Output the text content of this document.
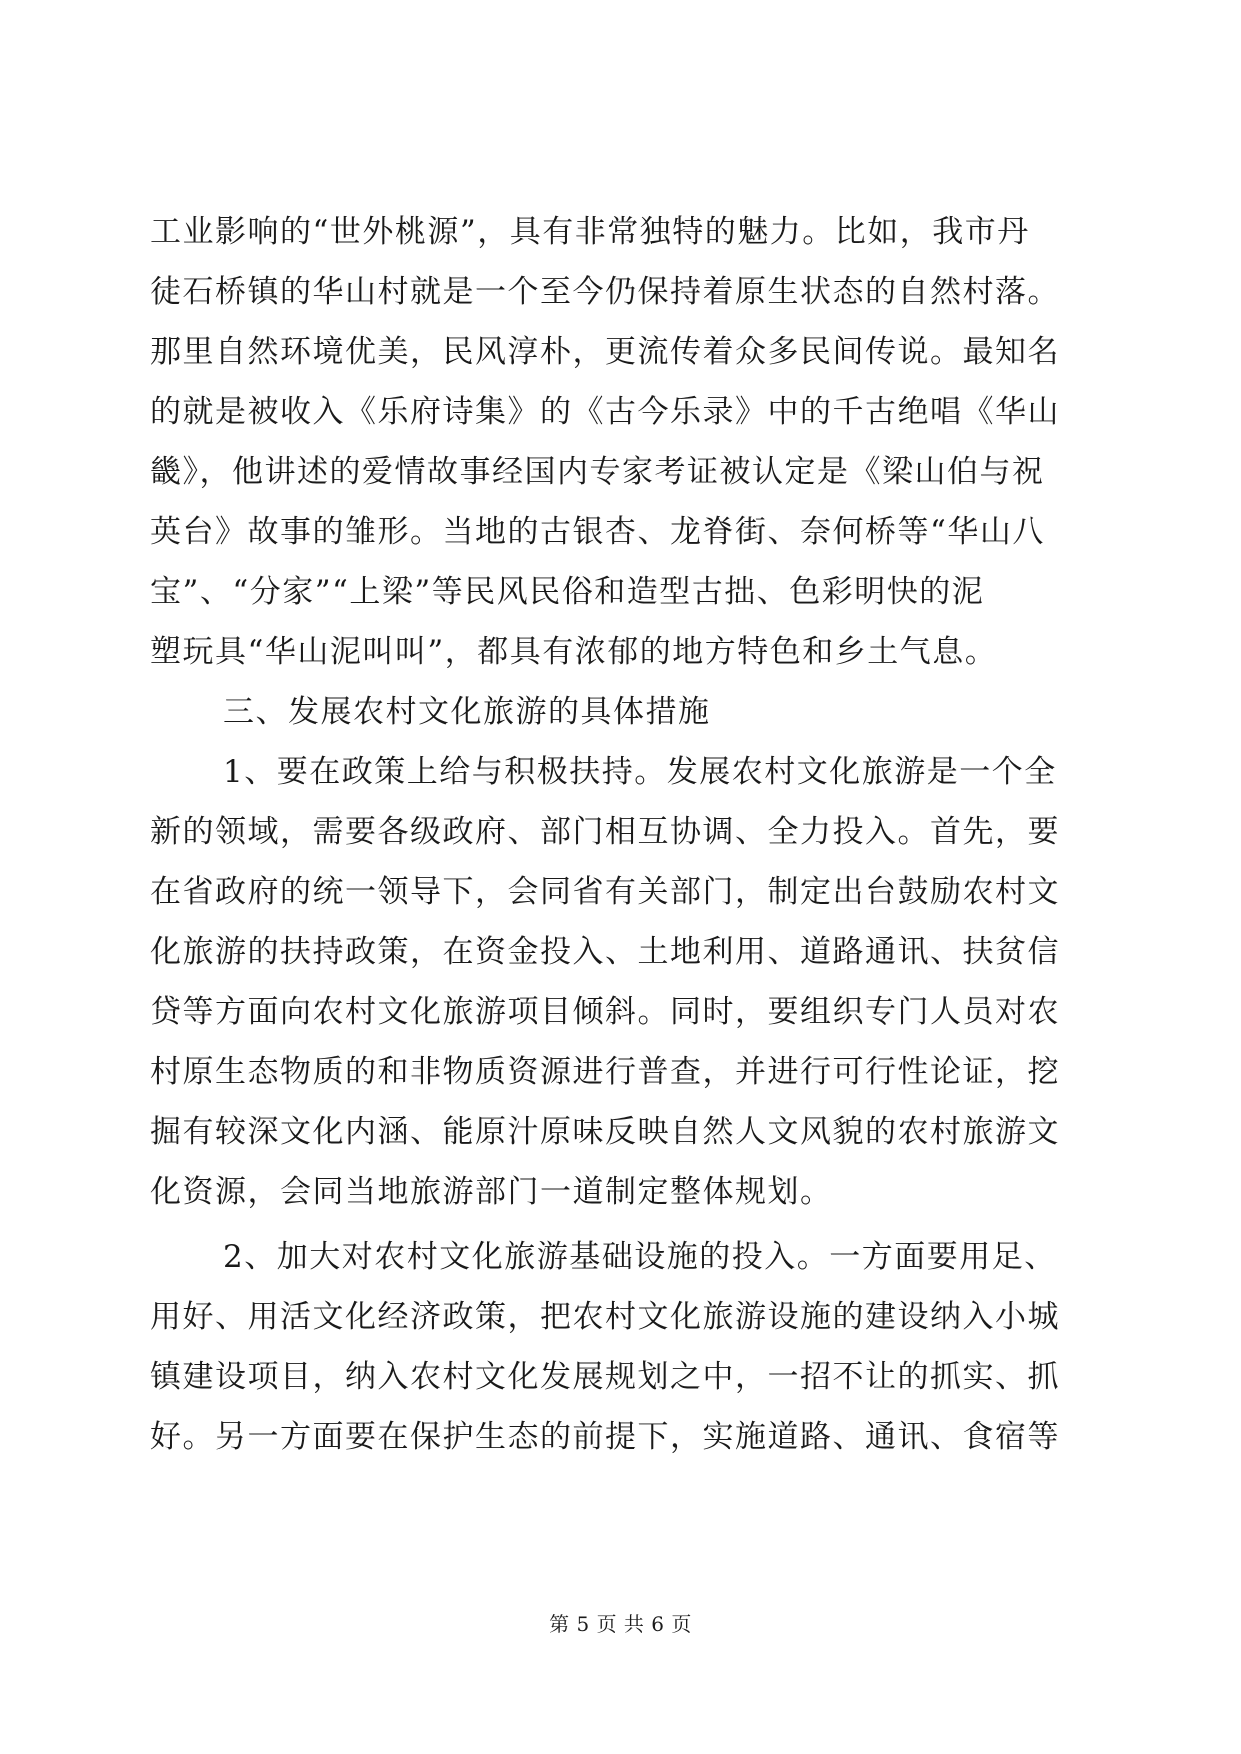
工业影响的“世外桃源”，具有非常独特的魅力。比如，我市丹
徒石桥镇的华山村就是一个至今仍保持着原生状态的自然村落。
那里自然环境优美，民风淳朴，更流传着众多民间传说。最知名
的就是被收入《乐府诗集》的《古今乐录》中的千古绝唱《华山
畿》，他讲述的爱情故事经国内专家考证被认定是《梁山伯与祝
英台》故事的雏形。当地的古银杏、龙脊街、奈何桥等“华山八
宝”、“分家”“上梁”等民风民俗和造型古拙、色彩明快的泥
塑玩具“华山泥叫叫”，都具有浓郁的地方特色和乡土气息。
三、发展农村文化旅游的具体措施
1、要在政策上给与积极扶持。发展农村文化旅游是一个全
新的领域，需要各级政府、部门相互协调、全力投入。首先，要
在省政府的统一领导下，会同省有关部门，制定出台鼓励农村文
化旅游的扶持政策，在资金投入、土地利用、道路通讯、扶贫信
贷等方面向农村文化旅游项目倾斜。同时，要组织专门人员对农
村原生态物质的和非物质资源进行普查，并进行可行性论证，挖
掘有较深文化内涵、能原汁原味反映自然人文风貌的农村旅游文
化资源，会同当地旅游部门一道制定整体规划。
2、加大对农村文化旅游基础设施的投入。一方面要用足、
用好、用活文化经济政策，把农村文化旅游设施的建设纳入小城
镇建设项目，纳入农村文化发展规划之中，一招不让的抓实、抓
好。另一方面要在保护生态的前提下，实施道路、通讯、食宿等
第 5 页 共 6 页
